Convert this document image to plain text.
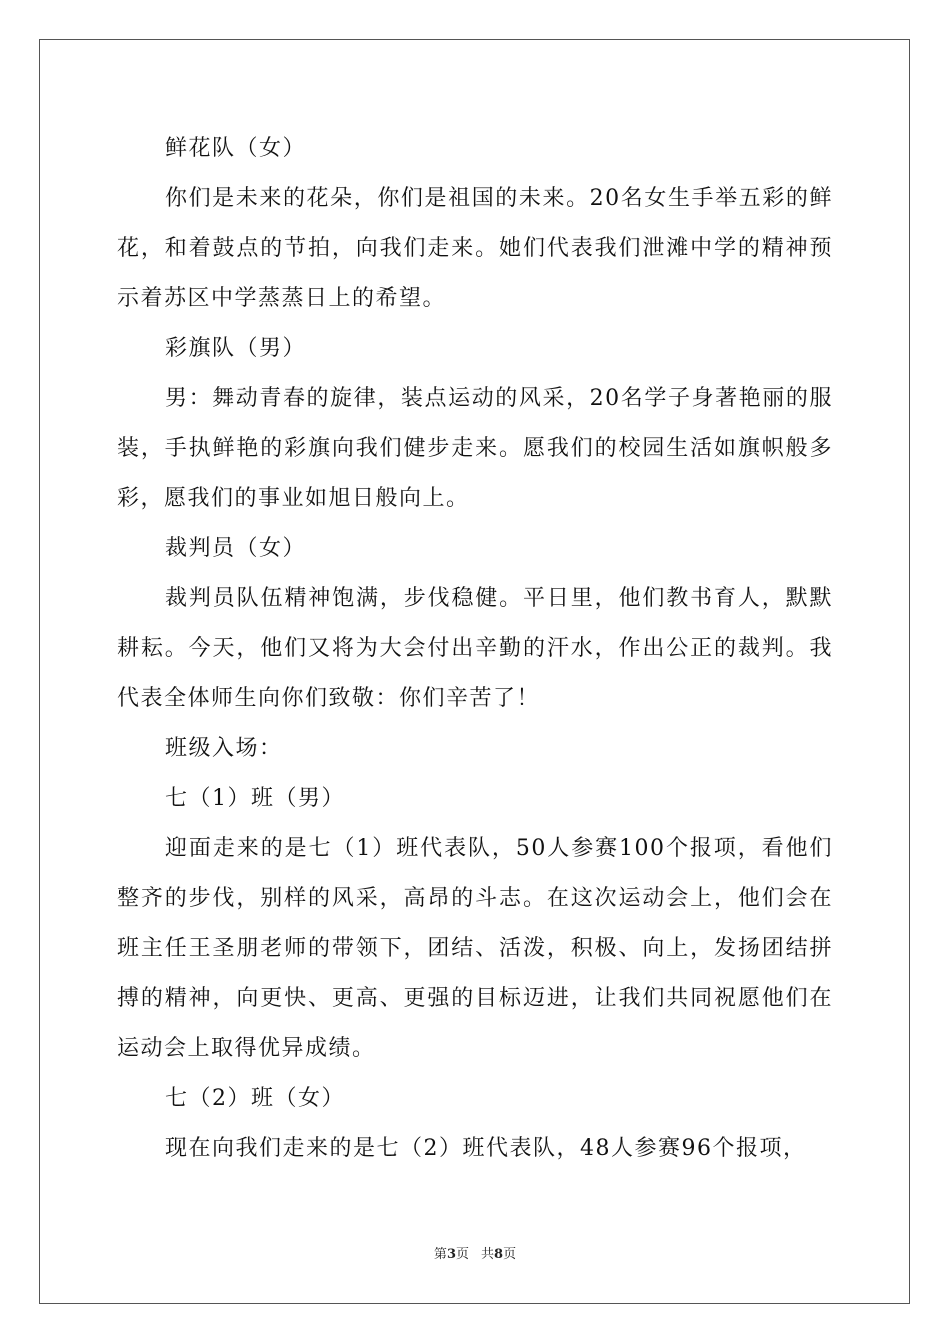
鲜花队（女）

你们是未来的花朵，你们是祖国的未来。20名女生手举五彩的鲜花，和着鼓点的节拍，向我们走来。她们代表我们泄滩中学的精神预示着苏区中学蒸蒸日上的希望。

彩旗队（男）

男：舞动青春的旋律，装点运动的风采，20名学子身著艳丽的服装，手执鲜艳的彩旗向我们健步走来。愿我们的校园生活如旗帜般多彩，愿我们的事业如旭日般向上。

裁判员（女）

裁判员队伍精神饱满，步伐稳健。平日里，他们教书育人，默默耕耘。今天，他们又将为大会付出辛勤的汗水，作出公正的裁判。我代表全体师生向你们致敬：你们辛苦了！

班级入场：

七（1）班（男）

迎面走来的是七（1）班代表队，50人参赛100个报项，看他们整齐的步伐，别样的风采，高昂的斗志。在这次运动会上，他们会在班主任王圣朋老师的带领下，团结、活泼，积极、向上，发扬团结拼搏的精神，向更快、更高、更强的目标迈进，让我们共同祝愿他们在运动会上取得优异成绩。

七（2）班（女）

现在向我们走来的是七（2）班代表队，48人参赛96个报项，

第3页 共8页
